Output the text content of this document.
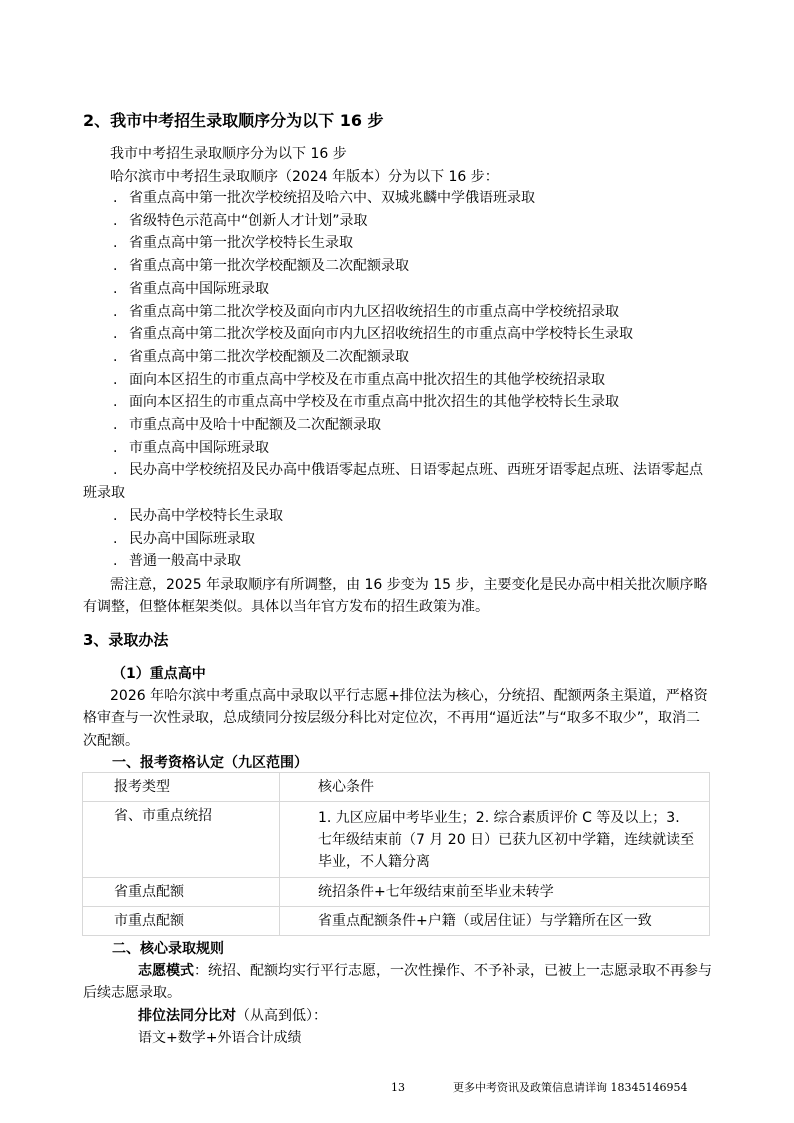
2、我市中考招生录取顺序分为以下 16 步
我市中考招生录取顺序分为以下 16 步
哈尔滨市中考招生录取顺序（2024 年版本）分为以下 16 步：
. 省重点高中第一批次学校统招及哈六中、双城兆麟中学俄语班录取
. 省级特色示范高中“创新人才计划”录取
. 省重点高中第一批次学校特长生录取
. 省重点高中第一批次学校配额及二次配额录取
. 省重点高中国际班录取
. 省重点高中第二批次学校及面向市内九区招收统招生的市重点高中学校统招录取
. 省重点高中第二批次学校及面向市内九区招收统招生的市重点高中学校特长生录取
. 省重点高中第二批次学校配额及二次配额录取
. 面向本区招生的市重点高中学校及在市重点高中批次招生的其他学校统招录取
. 面向本区招生的市重点高中学校及在市重点高中批次招生的其他学校特长生录取
. 市重点高中及哈十中配额及二次配额录取
. 市重点高中国际班录取
. 民办高中学校统招及民办高中俄语零起点班、日语零起点班、西班牙语零起点班、法语零起点班录取
. 民办高中学校特长生录取
. 民办高中国际班录取
. 普通一般高中录取
需注意，2025 年录取顺序有所调整，由 16 步变为 15 步，主要变化是民办高中相关批次顺序略有调整，但整体框架类似。具体以当年官方发布的招生政策为准。
3、录取办法
（1）重点高中
2026 年哈尔滨中考重点高中录取以平行志愿+排位法为核心，分统招、配额两条主渠道，严格资格审查与一次性录取，总成绩同分按层级分科比对定位次，不再用“逼近法”与“取多不取少”，取消二次配额。
一、报考资格认定（九区范围）
报考类型	核心条件
省、市重点统招	1. 九区应届中考毕业生；2. 综合素质评价 C 等及以上；3. 七年级结束前（7 月 20 日）已获九区初中学籍，连续就读至毕业，不人籍分离
省重点配额	统招条件+七年级结束前至毕业未转学
市重点配额	省重点配额条件+户籍（或居住证）与学籍所在区一致
二、核心录取规则
志愿模式：统招、配额均实行平行志愿，一次性操作、不予补录，已被上一志愿录取不再参与后续志愿录取。
排位法同分比对（从高到低）：
语文+数学+外语合计成绩
13	更多中考资讯及政策信息请详询 18345146954
